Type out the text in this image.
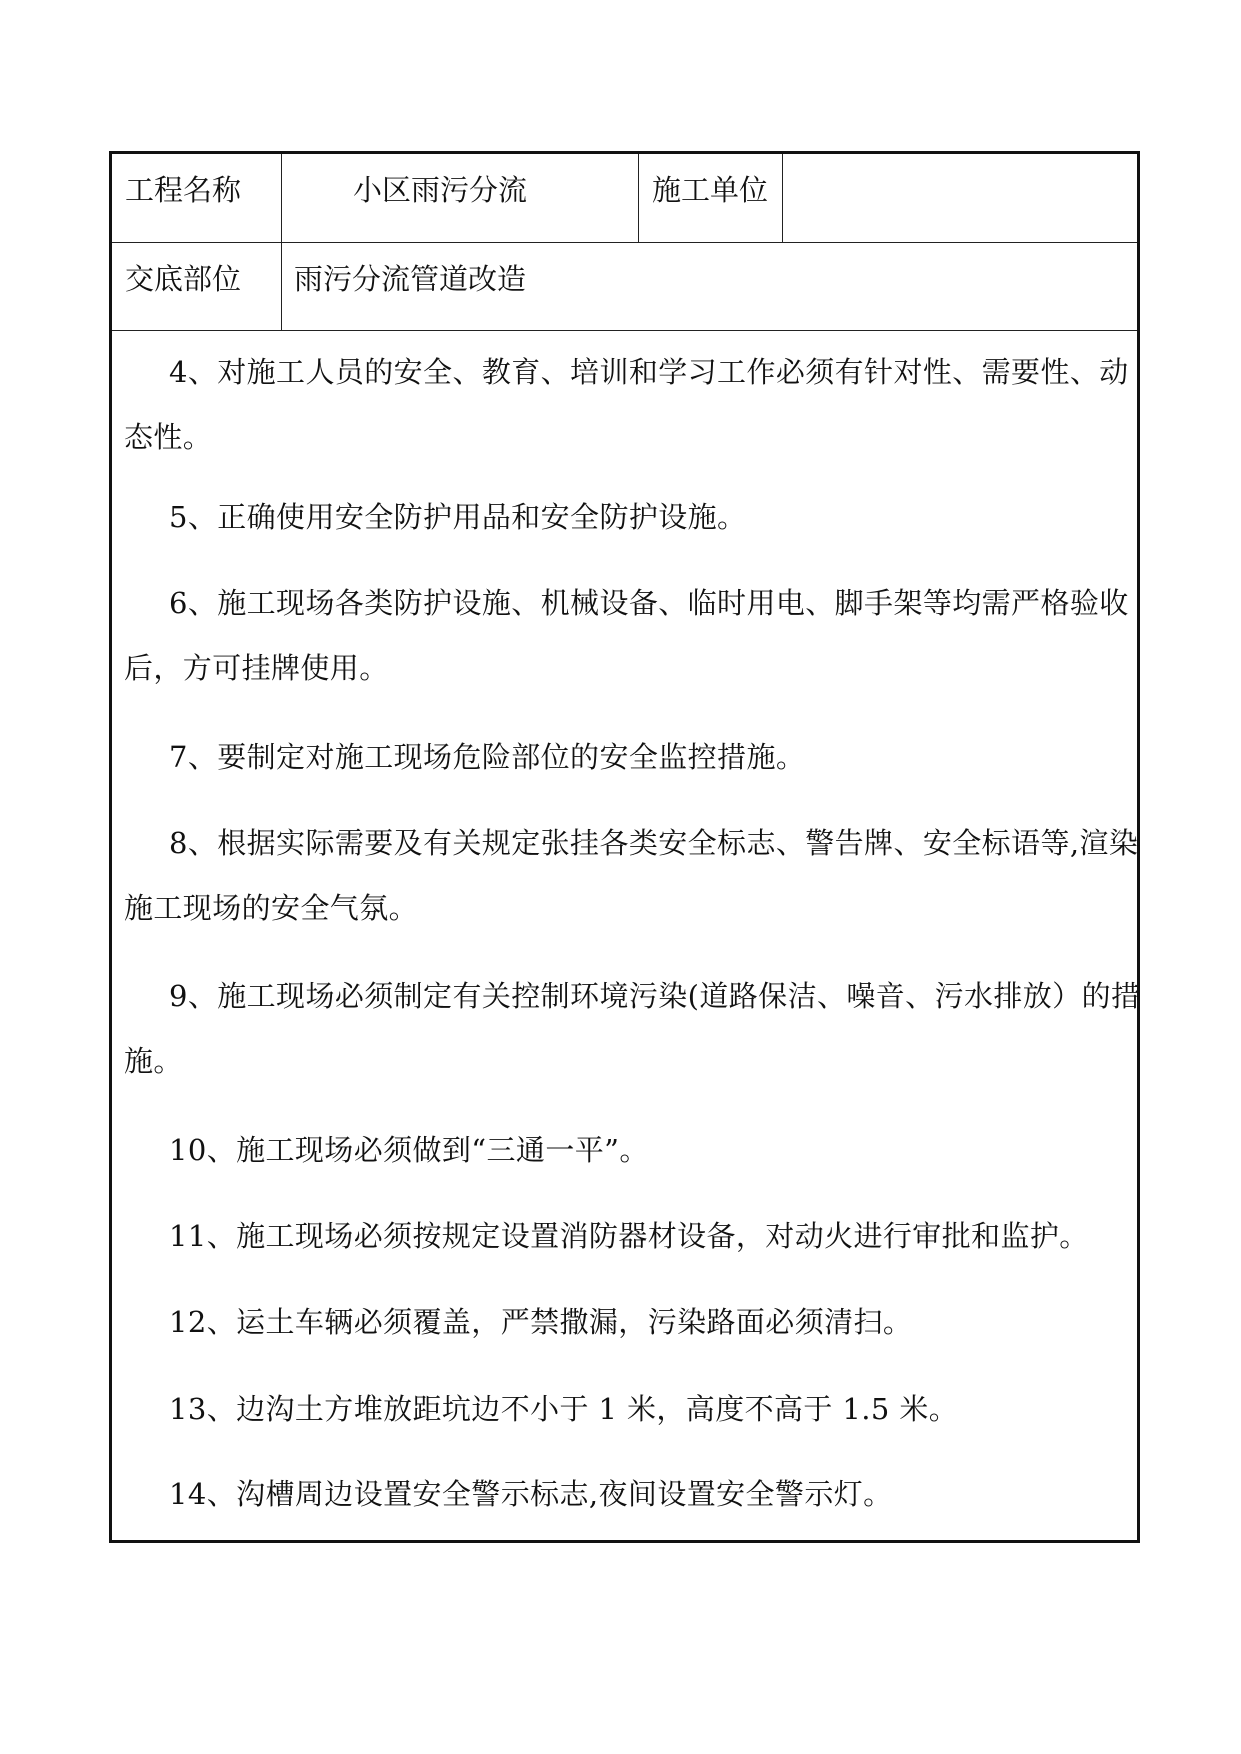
工程名称	小区雨污分流	施工单位
交底部位	雨污分流管道改造
4、对施工人员的安全、教育、培训和学习工作必须有针对性、需要性、动
态性。
5、正确使用安全防护用品和安全防护设施。
6、施工现场各类防护设施、机械设备、临时用电、脚手架等均需严格验收
后，方可挂牌使用。
7、要制定对施工现场危险部位的安全监控措施。
8、根据实际需要及有关规定张挂各类安全标志、警告牌、安全标语等,渲染
施工现场的安全气氛。
9、施工现场必须制定有关控制环境污染(道路保洁、噪音、污水排放）的措
施。
10、施工现场必须做到“三通一平”。
11、施工现场必须按规定设置消防器材设备，对动火进行审批和监护。
12、运土车辆必须覆盖，严禁撒漏，污染路面必须清扫。
13、边沟土方堆放距坑边不小于 1 米，高度不高于 1.5 米。
14、沟槽周边设置安全警示标志,夜间设置安全警示灯。
